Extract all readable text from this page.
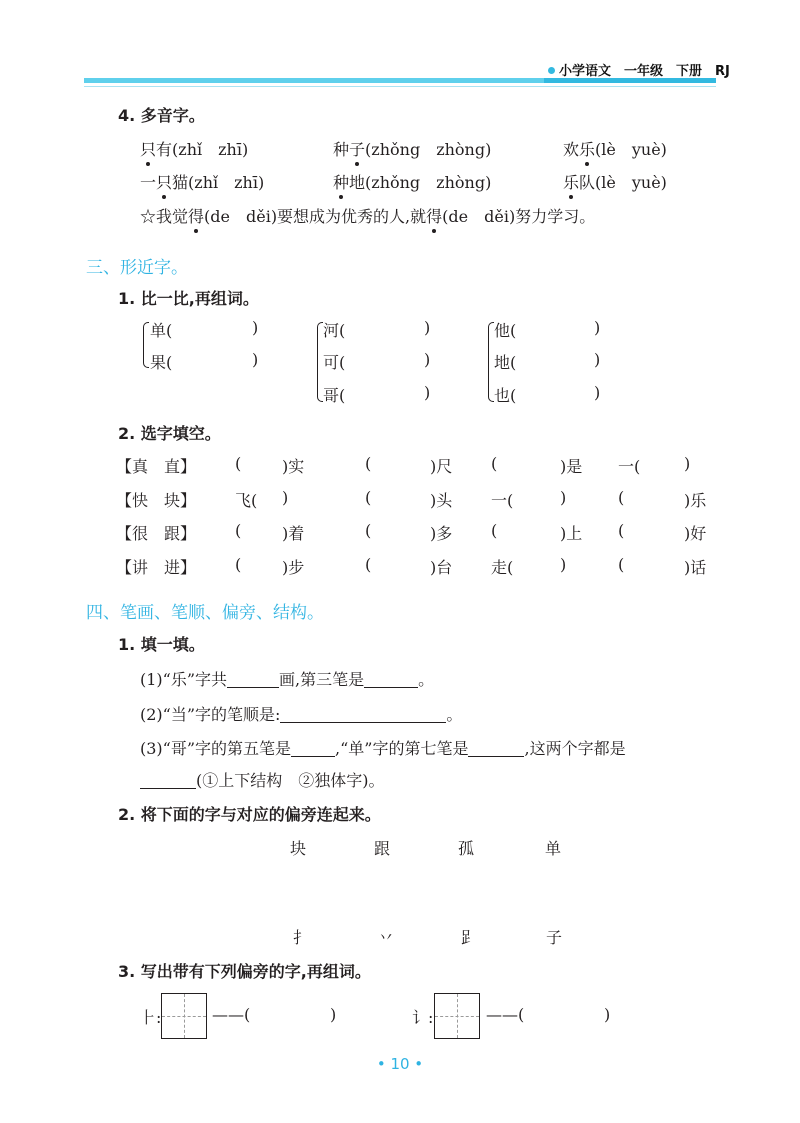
小学语文　一年级　下册　RJ
4. 多音字。
只有(zhǐ　zhī)	种子(zhǒng　zhòng)	欢乐(lè　yuè)
一只猫(zhǐ　zhī)	种地(zhǒng　zhòng)	乐队(lè　yuè)
☆我觉得(de　děi)要想成为优秀的人,就得(de　děi)努力学习。
三、形近字。
1. 比一比,再组词。
单(	)
果(	)
河(	)
可(	)
哥(	)
他(	)
地(	)
也(	)
2. 选字填空。
【真　直】 (	)实	(	)尺 (	)是 一(	)
【快　块】 飞( )	(	)头 一(	)	(	)乐
【很　跟】 (	)着	(	)多 (	)上 (	)好
【讲　进】 (	)步	(	)台 走(	)	(	)话
四、笔画、笔顺、偏旁、结构。
1. 填一填。
(1)“乐”字共	画,第三笔是	。
(2)“当”字的笔顺是:	。
(3)“哥”字的第五笔是	,“单”字的第七笔是	,这两个字都是
(①上下结构　②独体字)。
2. 将下面的字与对应的偏旁连起来。
块	跟	孤	单
扌	丷	𧾷	子
3. 写出带有下列偏旁的字,再组词。
⺊:	——(	)	讠:	——(	)
• 10 •
